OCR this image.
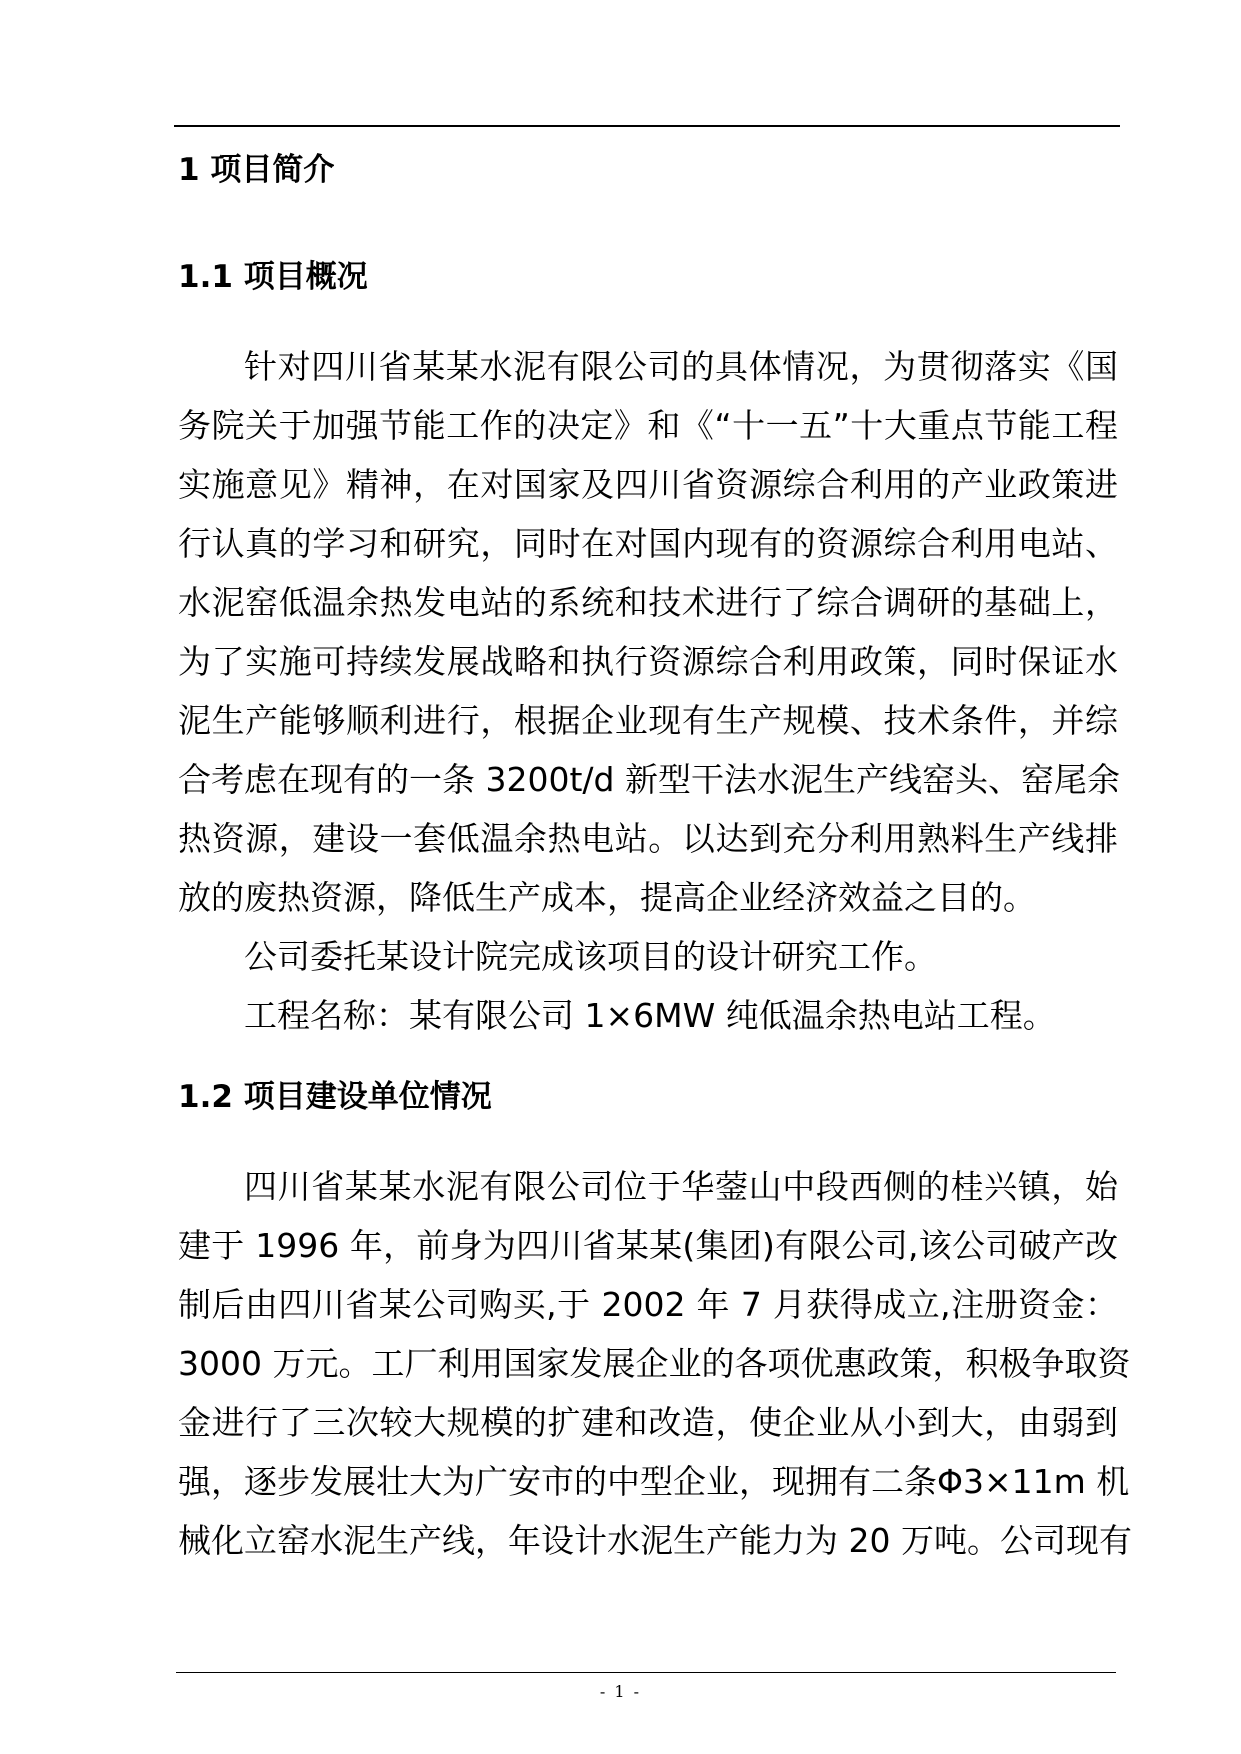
1 项目简介
1.1 项目概况
针对四川省某某水泥有限公司的具体情况，为贯彻落实《国
务院关于加强节能工作的决定》和《“十一五”十大重点节能工程
实施意见》精神，在对国家及四川省资源综合利用的产业政策进
行认真的学习和研究，同时在对国内现有的资源综合利用电站、
水泥窑低温余热发电站的系统和技术进行了综合调研的基础上，
为了实施可持续发展战略和执行资源综合利用政策，同时保证水
泥生产能够顺利进行，根据企业现有生产规模、技术条件，并综
合考虑在现有的一条 3200t/d 新型干法水泥生产线窑头、窑尾余
热资源，建设一套低温余热电站。以达到充分利用熟料生产线排
放的废热资源，降低生产成本，提高企业经济效益之目的。
公司委托某设计院完成该项目的设计研究工作。
工程名称：某有限公司 1×6MW 纯低温余热电站工程。
1.2 项目建设单位情况
四川省某某水泥有限公司位于华蓥山中段西侧的桂兴镇，始
建于 1996 年，前身为四川省某某(集团)有限公司,该公司破产改
制后由四川省某公司购买,于 2002 年 7 月获得成立,注册资金：
3000 万元。工厂利用国家发展企业的各项优惠政策，积极争取资
金进行了三次较大规模的扩建和改造，使企业从小到大，由弱到
强，逐步发展壮大为广安市的中型企业，现拥有二条Φ3×11m 机
械化立窑水泥生产线，年设计水泥生产能力为 20 万吨。公司现有
- 1 -
